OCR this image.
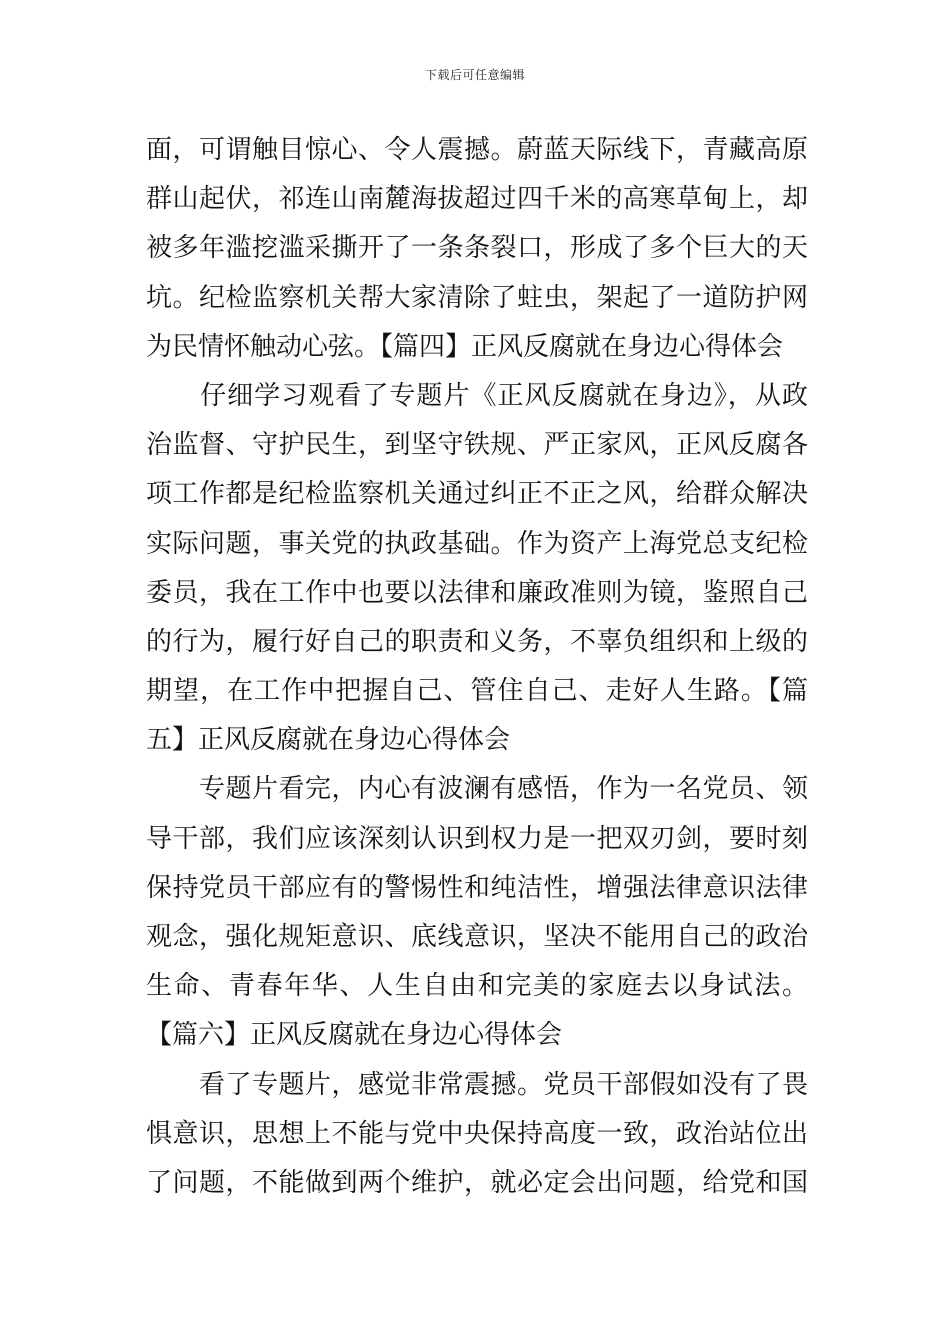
下载后可任意编辑
面，可谓触目惊心、令人震撼。蔚蓝天际线下，青藏高原
群山起伏，祁连山南麓海拔超过四千米的高寒草甸上，却
被多年滥挖滥采撕开了一条条裂口，形成了多个巨大的天
坑。纪检监察机关帮大家清除了蛀虫，架起了一道防护网
为民情怀触动心弦。【篇四】正风反腐就在身边心得体会
　　仔细学习观看了专题片《正风反腐就在身边》，从政
治监督、守护民生，到坚守铁规、严正家风，正风反腐各
项工作都是纪检监察机关通过纠正不正之风，给群众解决
实际问题，事关党的执政基础。作为资产上海党总支纪检
委员，我在工作中也要以法律和廉政准则为镜，鉴照自己
的行为，履行好自己的职责和义务，不辜负组织和上级的
期望，在工作中把握自己、管住自己、走好人生路。【篇
五】正风反腐就在身边心得体会
　　专题片看完，内心有波澜有感悟，作为一名党员、领
导干部，我们应该深刻认识到权力是一把双刃剑，要时刻
保持党员干部应有的警惕性和纯洁性，增强法律意识法律
观念，强化规矩意识、底线意识，坚决不能用自己的政治
生命、青春年华、人生自由和完美的家庭去以身试法。
【篇六】正风反腐就在身边心得体会
　　看了专题片，感觉非常震撼。党员干部假如没有了畏
惧意识，思想上不能与党中央保持高度一致，政治站位出
了问题，不能做到两个维护，就必定会出问题，给党和国
